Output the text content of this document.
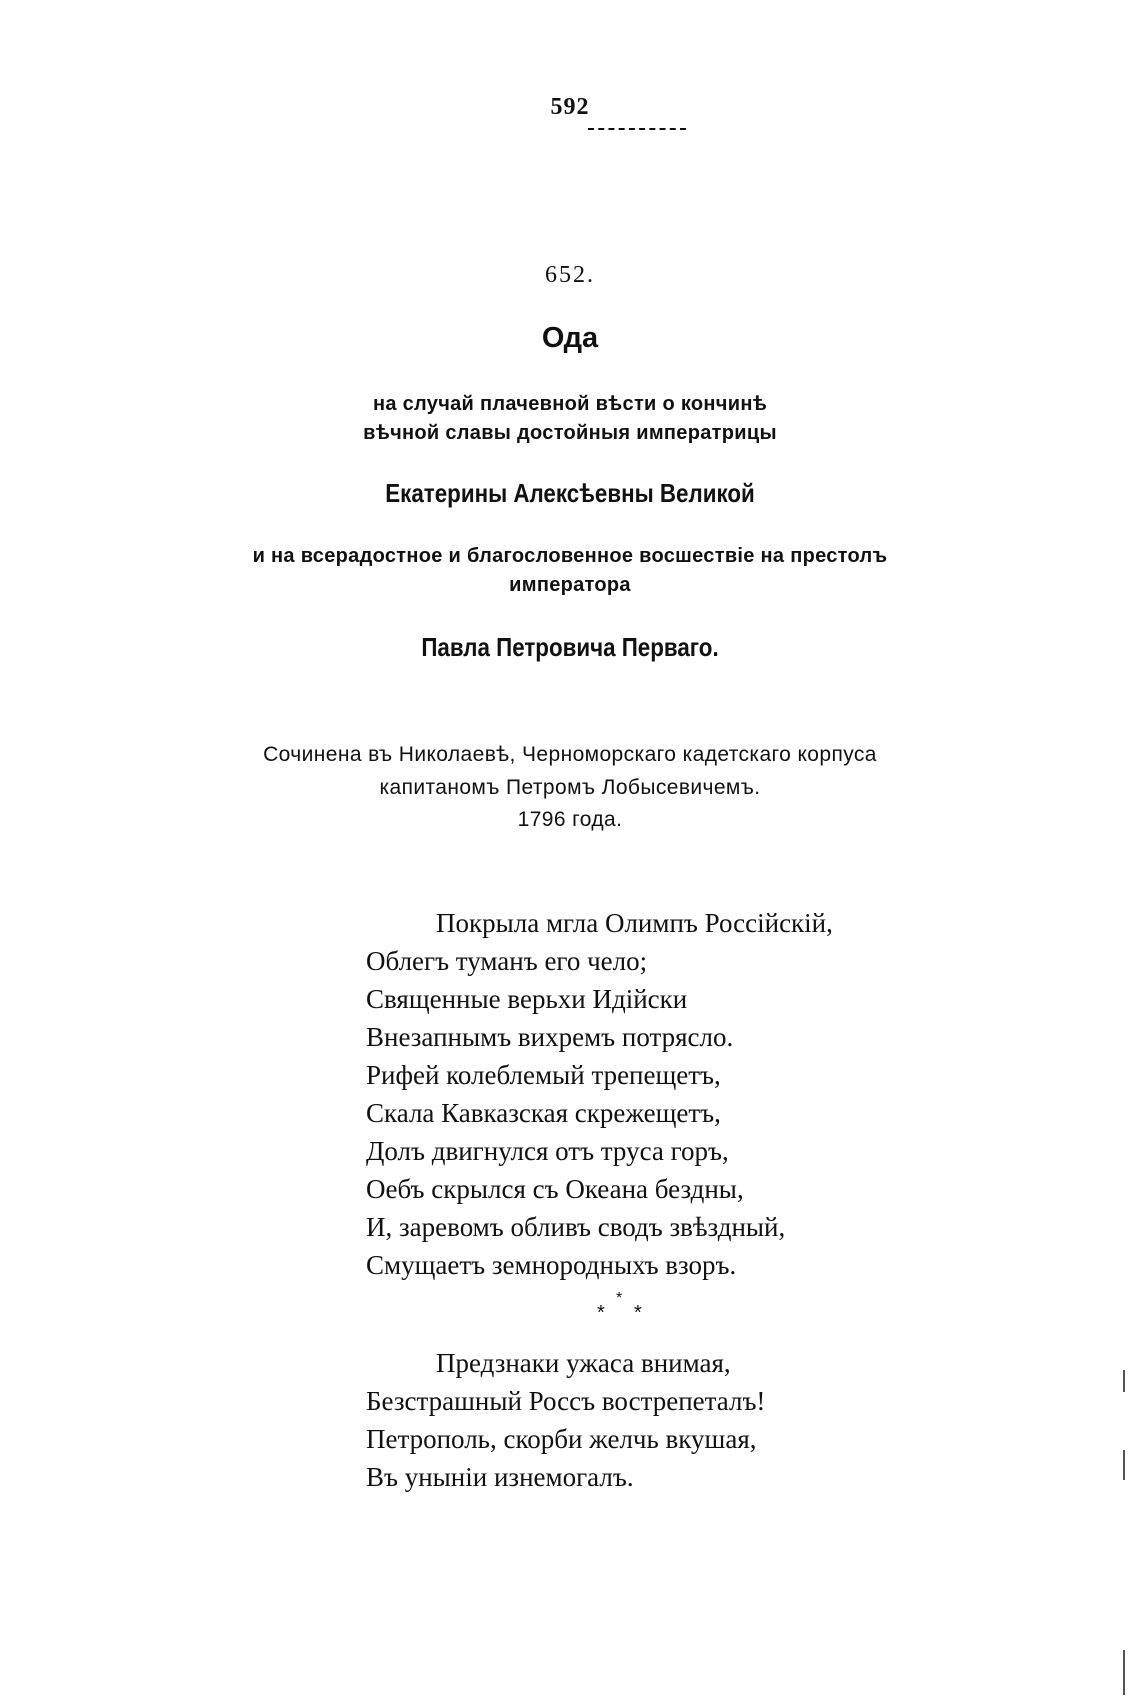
592
652.
Ода
на случай плачевной вѣсти о кончинѣ
вѣчной славы достойныя императрицы
Екатерины Алексѣевны Великой
и на всерадостное и благословенное восшествіе на престолъ
императора
Павла Петровича Перваго.
Сочинена въ Николаевѣ, Черноморскаго кадетскаго корпуса
капитаномъ Петромъ Лобысевичемъ.
1796 года.
Покрыла мгла Олимпъ Россійскій,
Облегъ туманъ его чело;
Священные верьхи Идійски
Внезапнымъ вихремъ потрясло.
Рифей колеблемый трепещетъ,
Скала Кавказская скрежещетъ,
Долъ двигнулся отъ труса горъ,
Оебъ скрылся съ Океана бездны,
И, заревомъ обливъ сводъ звѣздный,
Смущаетъ земнородныхъ взоръ.
*
* *
Предзнаки ужаса внимая,
Безстрашный Россъ вострепеталъ!
Петрополь, скорби желчь вкушая,
Въ уныніи изнемогалъ.
